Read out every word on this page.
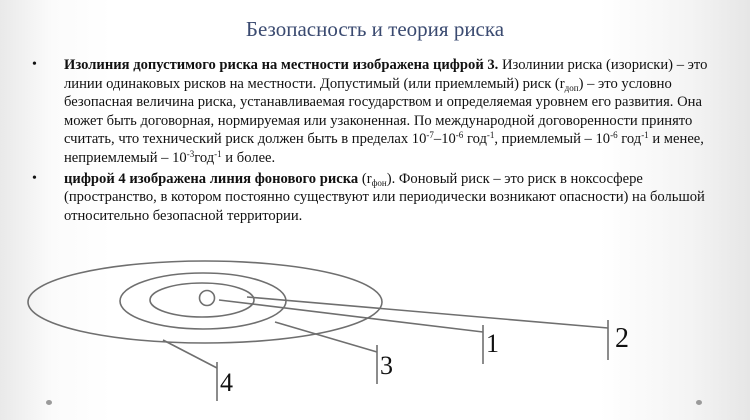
Безопасность и теория риска
• Изолиния допустимого риска на местности изображена цифрой 3. Изолинии риска (изориски) – это линии одинаковых рисков на местности. Допустимый (или приемлемый) риск $(r_{доп})$ – это условно безопасная величина риска, устанавливаемая государством и определяемая уровнем его развития. Она может быть договорная, нормируемая или узаконенная. По международной договоренности принято считать, что технический риск должен быть в пределах $10^{-7}-10^{-6}$ год$^{-1}$, приемлемый – $10^{-6}$ год$^{-1}$ и менее, неприемлемый – $10^{-3}год^{-1}$ и более.
• цифрой 4 изображена линия фонового риска $(r_{фон})$. Фоновый риск – это риск в ноксосфере (пространство, в котором постоянно существуют или периодически возникают опасности) на большой относительно безопасной территории.
1	2
3
4
